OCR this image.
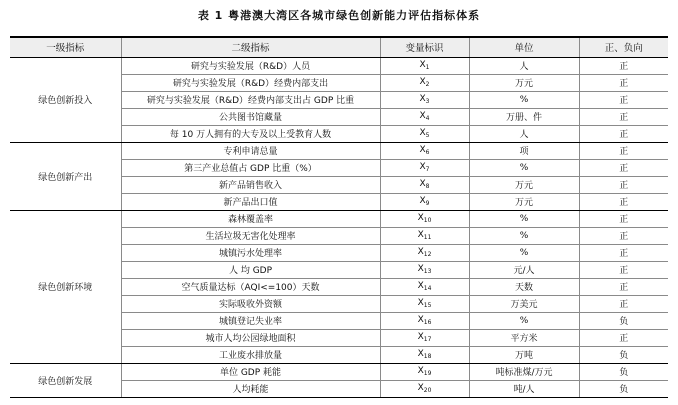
表 1 粤港澳大湾区各城市绿色创新能力评估指标体系
一级指标	二级指标	变量标识	单位	正、负向
绿色创新投入	研究与实验发展（R&D）人员	$X_1$	人	正
	研究与实验发展（R&D）经费内部支出	$X_2$	万元	正
	研究与实验发展（R&D）经费内部支出占 GDP 比重	$X_3$	%	正
	公共图书馆藏量	$X_4$	万册、件	正
	每 10 万人拥有的大专及以上受教育人数	$X_5$	人	正
绿色创新产出	专利申请总量	$X_6$	项	正
	第三产业总值占 GDP 比重（%）	$X_7$	%	正
	新产品销售收入	$X_8$	万元	正
	新产品出口值	$X_9$	万元	正
绿色创新环境	森林覆盖率	$X_{10}$	%	正
	生活垃圾无害化处理率	$X_{11}$	%	正
	城镇污水处理率	$X_{12}$	%	正
	人 均 GDP	$X_{13}$	元/人	正
	空气质量达标（AQI<=100）天数	$X_{14}$	天数	正
	实际吸收外资额	$X_{15}$	万美元	正
	城镇登记失业率	$X_{16}$	%	负
	城市人均公园绿地面积	$X_{17}$	平方米	正
	工业废水排放量	$X_{18}$	万吨	负
绿色创新发展	单位 GDP 耗能	$X_{19}$	吨标准煤/万元	负
	人均耗能	$X_{20}$	吨/人	负
